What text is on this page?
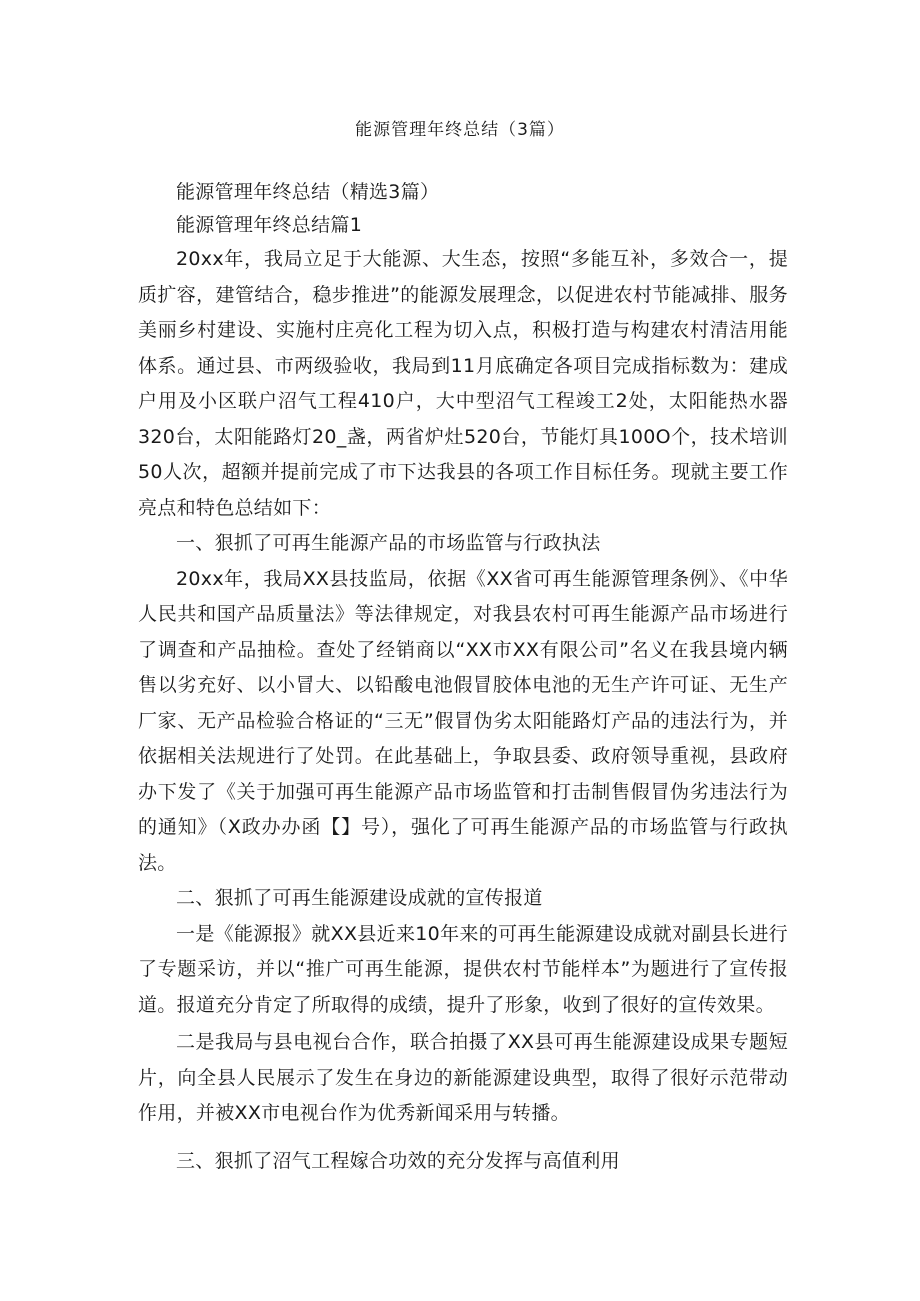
能源管理年终总结（3篇）

能源管理年终总结（精选3篇）

能源管理年终总结篇1

20xx年，我局立足于大能源、大生态，按照“多能互补，多效合一，提质扩容，建管结合，稳步推进”的能源发展理念，以促进农村节能减排、服务美丽乡村建设、实施村庄亮化工程为切入点，积极打造与构建农村清洁用能体系。通过县、市两级验收，我局到11月底确定各项目完成指标数为：建成户用及小区联户沼气工程410户，大中型沼气工程竣工2处，太阳能热水器320台，太阳能路灯20_盏，两省炉灶520台，节能灯具100O个，技术培训50人次，超额并提前完成了市下达我县的各项工作目标任务。现就主要工作亮点和特色总结如下：

一、狠抓了可再生能源产品的市场监管与行政执法

20xx年，我局XX县技监局，依据《XX省可再生能源管理条例》、《中华人民共和国产品质量法》等法律规定，对我县农村可再生能源产品市场进行了调查和产品抽检。查处了经销商以“XX市XX有限公司”名义在我县境内辆售以劣充好、以小冒大、以铅酸电池假冒胶体电池的无生产许可证、无生产厂家、无产品检验合格证的“三无”假冒伪劣太阳能路灯产品的违法行为，并依据相关法规进行了处罚。在此基础上，争取县委、政府领导重视，县政府办下发了《关于加强可再生能源产品市场监管和打击制售假冒伪劣违法行为的通知》（X政办办函【】号），强化了可再生能源产品的市场监管与行政执法。

二、狠抓了可再生能源建设成就的宣传报道

一是《能源报》就XX县近来10年来的可再生能源建设成就对副县长进行了专题采访，并以“推广可再生能源，提供农村节能样本”为题进行了宣传报道。报道充分肯定了所取得的成绩，提升了形象，收到了很好的宣传效果。

二是我局与县电视台合作，联合拍摄了XX县可再生能源建设成果专题短片，向全县人民展示了发生在身边的新能源建设典型，取得了很好示范带动作用，并被XX市电视台作为优秀新闻采用与转播。

三、狠抓了沼气工程嫁合功效的充分发挥与高值利用
